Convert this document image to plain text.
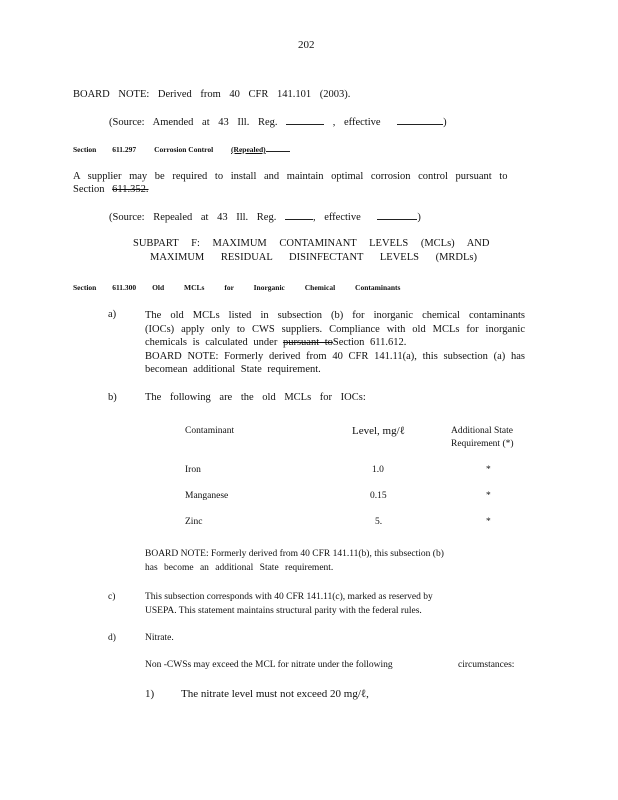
202
BOARD NOTE: Derived from 40 CFR 141.101 (2003).
(Source: Amended at 43 Ill. Reg.	, effective	)
Section 611.297 Corrosion Control (Repealed)
A supplier may be required to install and maintain optimal corrosion control pursuant to Section 611.352.
(Source: Repealed at 43 Ill. Reg.	, effective	)
SUBPART F: MAXIMUM CONTAMINANT LEVELS (MCLs) AND
MAXIMUM RESIDUAL DISINFECTANT LEVELS (MRDLs)
Section 611.300 Old MCLs for Inorganic Chemical Contaminants
a)	The old MCLs listed in subsection (b) for inorganic chemical contaminants (IOCs) apply only to CWS suppliers. Compliance with old MCLs for inorganic chemicals is calculated under pursuant toSection 611.612.
BOARD NOTE: Formerly derived from 40 CFR 141.11(a), this subsection (a) has becomean additional State requirement.
b)	The following are the old MCLs for IOCs:
Contaminant	Level, mg/ℓ	Additional State
Requirement (*)
Iron	1.0	*
Manganese	0.15	*
Zinc	5.	*
BOARD NOTE: Formerly derived from 40 CFR 141.11(b), this subsection (b)
has become an additional State requirement.
c)	This subsection corresponds with 40 CFR 141.11(c), marked as reserved by
USEPA. This statement maintains structural parity with the federal rules.
d)	Nitrate.
Non -CWSs may exceed the MCL for nitrate under the following	circumstances:
1) The nitrate level must not exceed 20 mg/ℓ,
